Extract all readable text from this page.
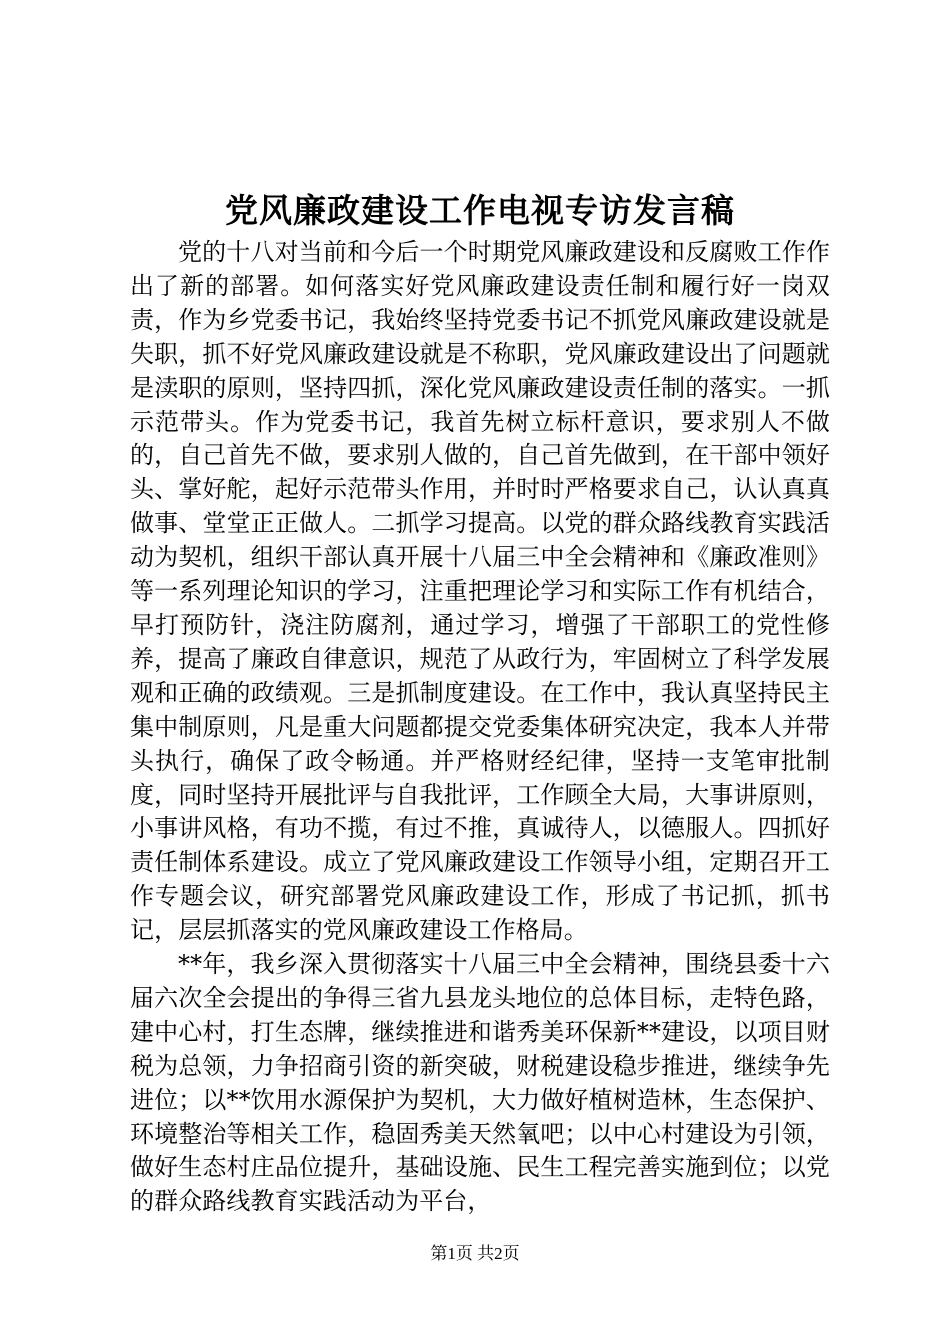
党风廉政建设工作电视专访发言稿

党的十八对当前和今后一个时期党风廉政建设和反腐败工作作出了新的部署。如何落实好党风廉政建设责任制和履行好一岗双责，作为乡党委书记，我始终坚持党委书记不抓党风廉政建设就是失职，抓不好党风廉政建设就是不称职，党风廉政建设出了问题就是渎职的原则，坚持四抓，深化党风廉政建设责任制的落实。一抓示范带头。作为党委书记，我首先树立标杆意识，要求别人不做的，自己首先不做，要求别人做的，自己首先做到，在干部中领好头、掌好舵，起好示范带头作用，并时时严格要求自己，认认真真做事、堂堂正正做人。二抓学习提高。以党的群众路线教育实践活动为契机，组织干部认真开展十八届三中全会精神和《廉政准则》等一系列理论知识的学习，注重把理论学习和实际工作有机结合，早打预防针，浇注防腐剂，通过学习，增强了干部职工的党性修养，提高了廉政自律意识，规范了从政行为，牢固树立了科学发展观和正确的政绩观。三是抓制度建设。在工作中，我认真坚持民主集中制原则，凡是重大问题都提交党委集体研究决定，我本人并带头执行，确保了政令畅通。并严格财经纪律，坚持一支笔审批制度，同时坚持开展批评与自我批评，工作顾全大局，大事讲原则，小事讲风格，有功不揽，有过不推，真诚待人，以德服人。四抓好责任制体系建设。成立了党风廉政建设工作领导小组，定期召开工作专题会议，研究部署党风廉政建设工作，形成了书记抓，抓书记，层层抓落实的党风廉政建设工作格局。

**年，我乡深入贯彻落实十八届三中全会精神，围绕县委十六届六次全会提出的争得三省九县龙头地位的总体目标，走特色路，建中心村，打生态牌，继续推进和谐秀美环保新**建设，以项目财税为总领，力争招商引资的新突破，财税建设稳步推进，继续争先进位；以**饮用水源保护为契机，大力做好植树造林，生态保护、环境整治等相关工作，稳固秀美天然氧吧；以中心村建设为引领，做好生态村庄品位提升，基础设施、民生工程完善实施到位；以党的群众路线教育实践活动为平台，

第1页 共2页
